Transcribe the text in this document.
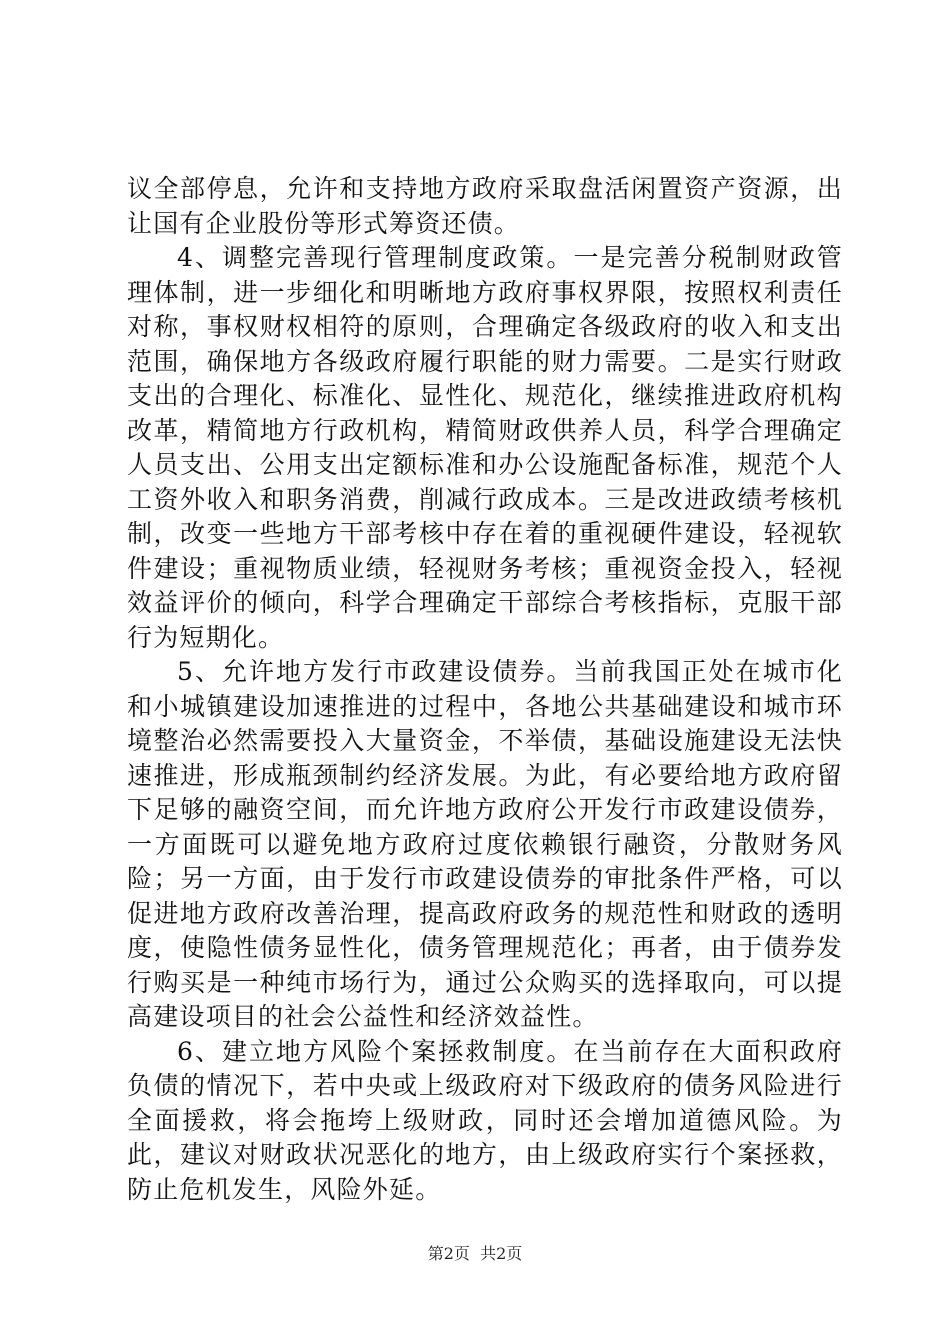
议全部停息，允许和支持地方政府采取盘活闲置资产资源，出让国有企业股份等形式筹资还债。

4、调整完善现行管理制度政策。一是完善分税制财政管理体制，进一步细化和明晰地方政府事权界限，按照权利责任对称，事权财权相符的原则，合理确定各级政府的收入和支出范围，确保地方各级政府履行职能的财力需要。二是实行财政支出的合理化、标准化、显性化、规范化，继续推进政府机构改革，精简地方行政机构，精简财政供养人员，科学合理确定人员支出、公用支出定额标准和办公设施配备标准，规范个人工资外收入和职务消费，削减行政成本。三是改进政绩考核机制，改变一些地方干部考核中存在着的重视硬件建设，轻视软件建设；重视物质业绩，轻视财务考核；重视资金投入，轻视效益评价的倾向，科学合理确定干部综合考核指标，克服干部行为短期化。

5、允许地方发行市政建设债券。当前我国正处在城市化和小城镇建设加速推进的过程中，各地公共基础建设和城市环境整治必然需要投入大量资金，不举债，基础设施建设无法快速推进，形成瓶颈制约经济发展。为此，有必要给地方政府留下足够的融资空间，而允许地方政府公开发行市政建设债券，一方面既可以避免地方政府过度依赖银行融资，分散财务风险；另一方面，由于发行市政建设债券的审批条件严格，可以促进地方政府改善治理，提高政府政务的规范性和财政的透明度，使隐性债务显性化，债务管理规范化；再者，由于债券发行购买是一种纯市场行为，通过公众购买的选择取向，可以提高建设项目的社会公益性和经济效益性。

6、建立地方风险个案拯救制度。在当前存在大面积政府负债的情况下，若中央或上级政府对下级政府的债务风险进行全面援救，将会拖垮上级财政，同时还会增加道德风险。为此，建议对财政状况恶化的地方，由上级政府实行个案拯救，防止危机发生，风险外延。

第2页 共2页
